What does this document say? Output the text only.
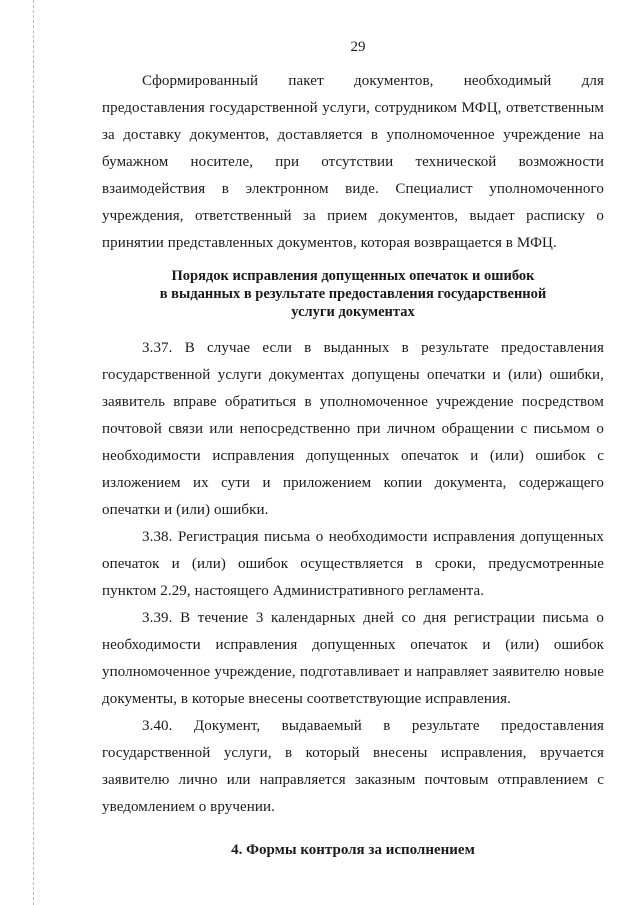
29

Сформированный пакет документов, необходимый для предоставления государственной услуги, сотрудником МФЦ, ответственным за доставку документов, доставляется в уполномоченное учреждение на бумажном носителе, при отсутствии технической возможности взаимодействия в электронном виде. Специалист уполномоченного учреждения, ответственный за прием документов, выдает расписку о принятии представленных документов, которая возвращается в МФЦ.

Порядок исправления допущенных опечаток и ошибок
в выданных в результате предоставления государственной
услуги документах

3.37. В случае если в выданных в результате предоставления государственной услуги документах допущены опечатки и (или) ошибки, заявитель вправе обратиться в уполномоченное учреждение посредством почтовой связи или непосредственно при личном обращении с письмом о необходимости исправления допущенных опечаток и (или) ошибок с изложением их сути и приложением копии документа, содержащего опечатки и (или) ошибки.

3.38. Регистрация письма о необходимости исправления допущенных опечаток и (или) ошибок осуществляется в сроки, предусмотренные пунктом 2.29, настоящего Административного регламента.

3.39. В течение 3 календарных дней со дня регистрации письма о необходимости исправления допущенных опечаток и (или) ошибок уполномоченное учреждение, подготавливает и направляет заявителю новые документы, в которые внесены соответствующие исправления.

3.40. Документ, выдаваемый в результате предоставления государственной услуги, в который внесены исправления, вручается заявителю лично или направляется заказным почтовым отправлением с уведомлением о вручении.

4. Формы контроля за исполнением
